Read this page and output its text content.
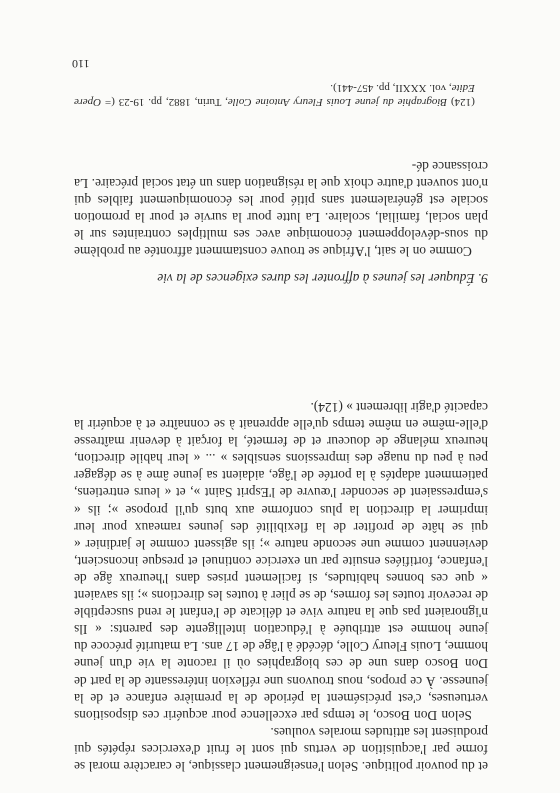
et du pouvoir politique. Selon l'enseignement classique, le caractère moral se forme par l'acquisition de vertus qui sont le fruit d'exercices répétés qui produisent les attitudes morales voulues.

Selon Don Bosco, le temps par excellence pour acquérir ces dispositions vertueuses, c'est précisément la période de la première enfance et de la jeunesse. À ce propos, nous trouvons une réflexion intéressante de la part de Don Bosco dans une de ces biographies où il raconte la vie d'un jeune homme, Louis Fleury Colle, décédé à l'âge de 17 ans. La maturité précoce du jeune homme est attribuée à l'éducation intelligente des parents: « Ils n'ignoraient pas que la nature vive et délicate de l'enfant le rend susceptible de recevoir toutes les formes, de se plier à toutes les directions »; ils savaient « que ces bonnes habitudes, si facilement prises dans l'heureux âge de l'enfance, fortifiées ensuite par un exercice continuel et presque inconscient, deviennent comme une seconde nature »; ils agissent comme le jardinier « qui se hâte de profiter de la flexibilité des jeunes rameaux pour leur imprimer la direction la plus conforme aux buts qu'il propose »; ils « s'empressaient de seconder l'œuvre de l'Esprit Saint », et « leurs entretiens, patiemment adaptés à la portée de l'âge, aidaient sa jeune âme à se dégager peu à peu du nuage des impressions sensibles » ... « leur habile direction, heureux mélange de douceur et de fermeté, la forçait à devenir maîtresse d'elle-même en même temps qu'elle apprenait à se connaître et à acquérir la capacité d'agir librement » (124).

9. Éduquer les jeunes à affronter les dures exigences de la vie

Comme on le sait, l'Afrique se trouve constamment affrontée au problème du sous-développement économique avec ses multiples contraintes sur le plan social, familial, scolaire. La lutte pour la survie et pour la promotion sociale est généralement sans pitié pour les économiquement faibles qui n'ont souvent d'autre choix que la résignation dans un état social précaire. La croissance dé-

(124) Biographie du jeune Louis Fleury Antoine Colle, Turin, 1882, pp. 19-23 (= Opere Edite, vol. XXXII, pp. 457-441).

110
